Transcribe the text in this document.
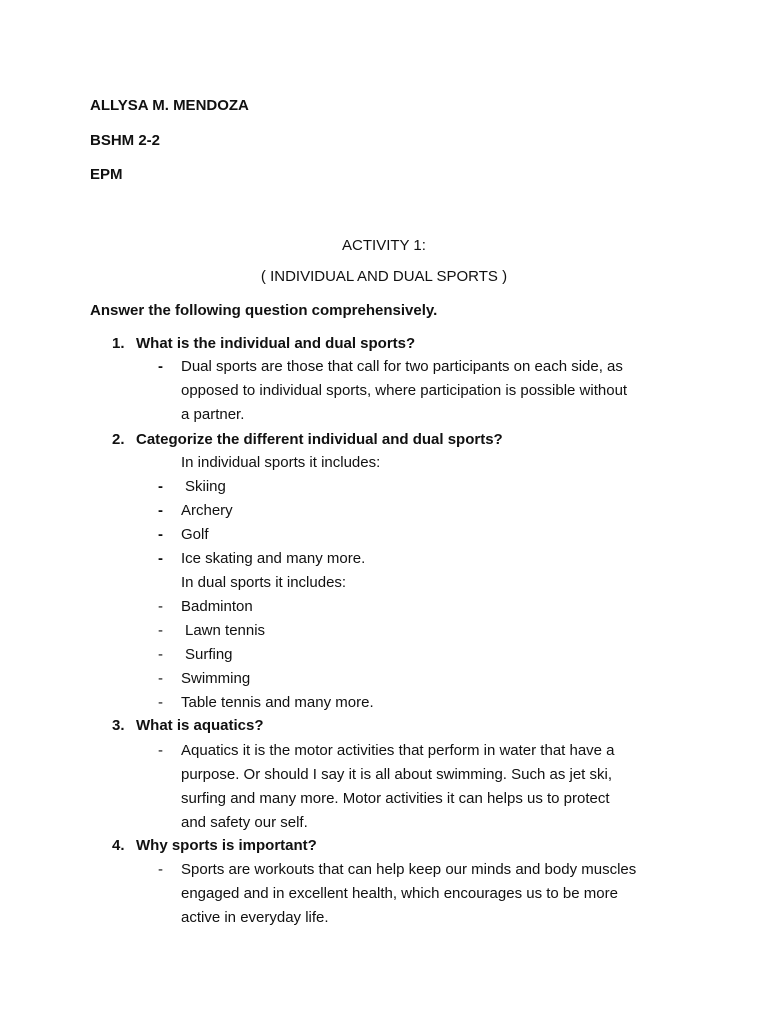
ALLYSA M. MENDOZA
BSHM 2-2
EPM
ACTIVITY 1:
( INDIVIDUAL AND DUAL SPORTS )
Answer the following question comprehensively.
1. What is the individual and dual sports?
- Dual sports are those that call for two participants on each side, as
opposed to individual sports, where participation is possible without
a partner.
2. Categorize the different individual and dual sports?
In individual sports it includes:
- Skiing
- Archery
- Golf
- Ice skating and many more.
In dual sports it includes:
- Badminton
- Lawn tennis
- Surfing
- Swimming
- Table tennis and many more.
3. What is aquatics?
- Aquatics it is the motor activities that perform in water that have a
purpose. Or should I say it is all about swimming. Such as jet ski,
surfing and many more. Motor activities it can helps us to protect
and safety our self.
4. Why sports is important?
- Sports are workouts that can help keep our minds and body muscles
engaged and in excellent health, which encourages us to be more
active in everyday life.
